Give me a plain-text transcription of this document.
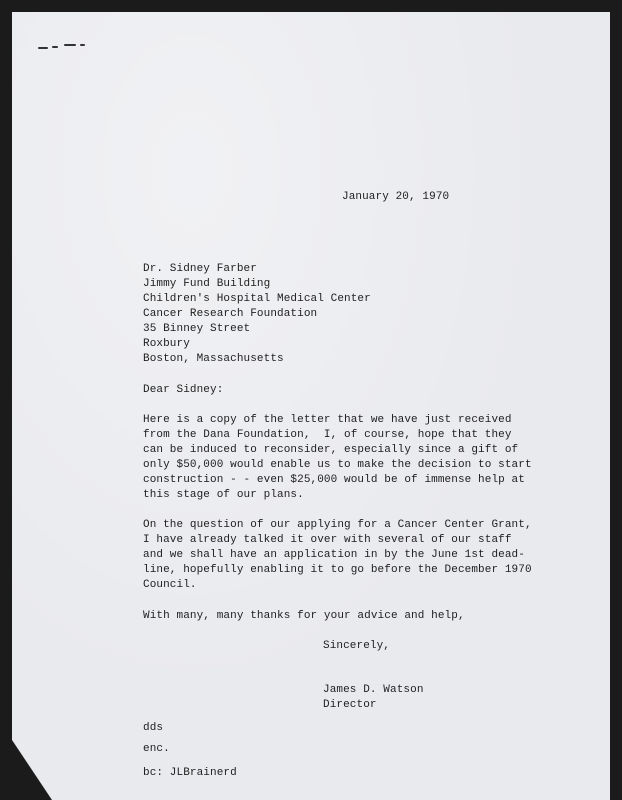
January 20, 1970
Dr. Sidney Farber
Jimmy Fund Building
Children's Hospital Medical Center
Cancer Research Foundation
35 Binney Street
Roxbury
Boston, Massachusetts
Dear Sidney:
Here is a copy of the letter that we have just received
from the Dana Foundation,  I, of course, hope that they
can be induced to reconsider, especially since a gift of
only $50,000 would enable us to make the decision to start
construction - - even $25,000 would be of immense help at
this stage of our plans.
On the question of our applying for a Cancer Center Grant,
I have already talked it over with several of our staff
and we shall have an application in by the June 1st dead-
line, hopefully enabling it to go before the December 1970
Council.
With many, many thanks for your advice and help,
Sincerely,
James D. Watson
Director
dds
enc.
bc: JLBrainerd
